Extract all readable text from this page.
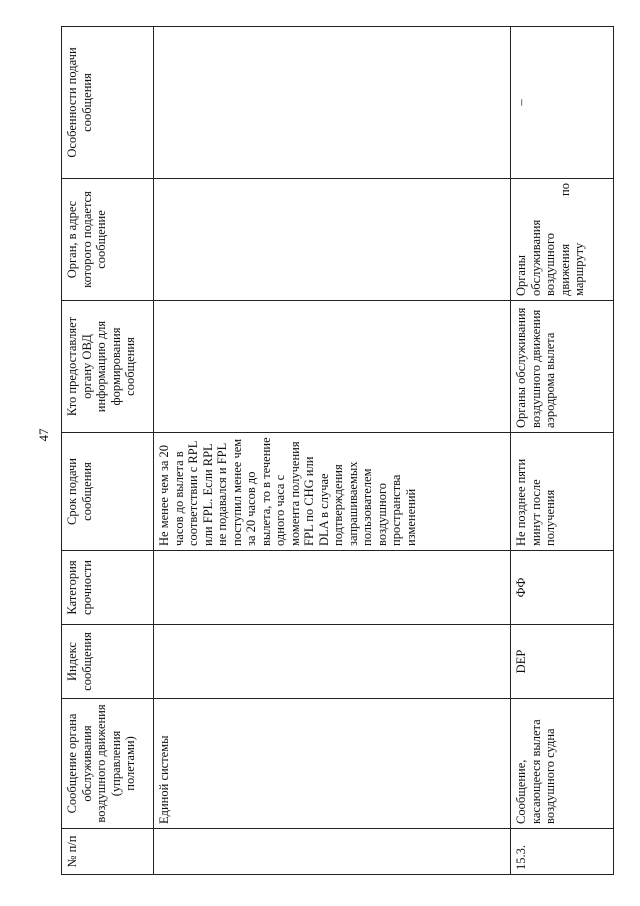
47
№ п/п	Сообщение органа обслуживания воздушного движения (управления полетами)	Индекс сообщения	Категория срочности	Срок подачи сообщения	Кто предоставляет органу ОВД информацию для формирования сообщения	Орган, в адрес которого подается сообщение	Особенности подачи сообщения
	Единой системы			Не менее чем за 20 часов до вылета в соответствии с RPL или FPL. Если RPL не подавался и FPL поступил менее чем за 20 часов до вылета, то в течение одного часа с момента получения FPL по CHG или DLA в случае подтверждения запрашиваемых пользователем воздушного пространства изменений			
15.3.	Сообщение, касающееся вылета воздушного судна	DEP	ФФ	Не позднее пяти минут после получения	Органы обслуживания воздушного движения аэродрома вылета	Органы обслуживания воздушного движения по маршруту	–
